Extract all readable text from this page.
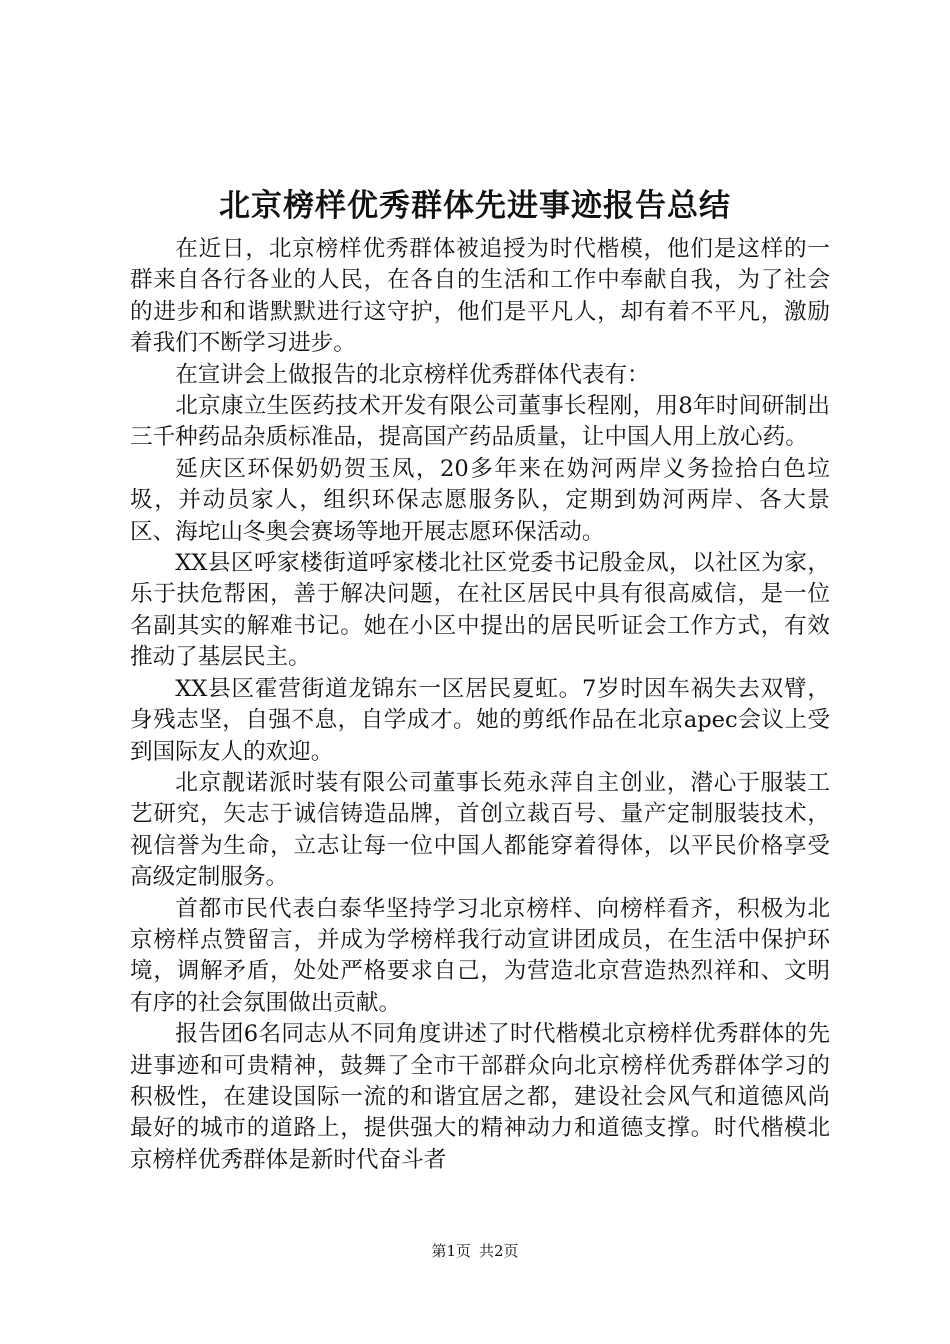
北京榜样优秀群体先进事迹报告总结

在近日，北京榜样优秀群体被追授为时代楷模，他们是这样的一群来自各行各业的人民，在各自的生活和工作中奉献自我，为了社会的进步和和谐默默进行这守护，他们是平凡人，却有着不平凡，激励着我们不断学习进步。

在宣讲会上做报告的北京榜样优秀群体代表有：

北京康立生医药技术开发有限公司董事长程刚，用8年时间研制出三千种药品杂质标准品，提高国产药品质量，让中国人用上放心药。

延庆区环保奶奶贺玉凤，20多年来在妫河两岸义务捡拾白色垃圾，并动员家人，组织环保志愿服务队，定期到妫河两岸、各大景区、海坨山冬奥会赛场等地开展志愿环保活动。

XX县区呼家楼街道呼家楼北社区党委书记殷金凤，以社区为家，乐于扶危帮困，善于解决问题，在社区居民中具有很高威信，是一位名副其实的解难书记。她在小区中提出的居民听证会工作方式，有效推动了基层民主。

XX县区霍营街道龙锦东一区居民夏虹。7岁时因车祸失去双臂，身残志坚，自强不息，自学成才。她的剪纸作品在北京apec会议上受到国际友人的欢迎。

北京靓诺派时装有限公司董事长苑永萍自主创业，潜心于服装工艺研究，矢志于诚信铸造品牌，首创立裁百号、量产定制服装技术，视信誉为生命，立志让每一位中国人都能穿着得体，以平民价格享受高级定制服务。

首都市民代表白泰华坚持学习北京榜样、向榜样看齐，积极为北京榜样点赞留言，并成为学榜样我行动宣讲团成员，在生活中保护环境，调解矛盾，处处严格要求自己，为营造北京营造热烈祥和、文明有序的社会氛围做出贡献。

报告团6名同志从不同角度讲述了时代楷模北京榜样优秀群体的先进事迹和可贵精神，鼓舞了全市干部群众向北京榜样优秀群体学习的积极性，在建设国际一流的和谐宜居之都，建设社会风气和道德风尚最好的城市的道路上，提供强大的精神动力和道德支撑。时代楷模北京榜样优秀群体是新时代奋斗者

第1页 共2页
